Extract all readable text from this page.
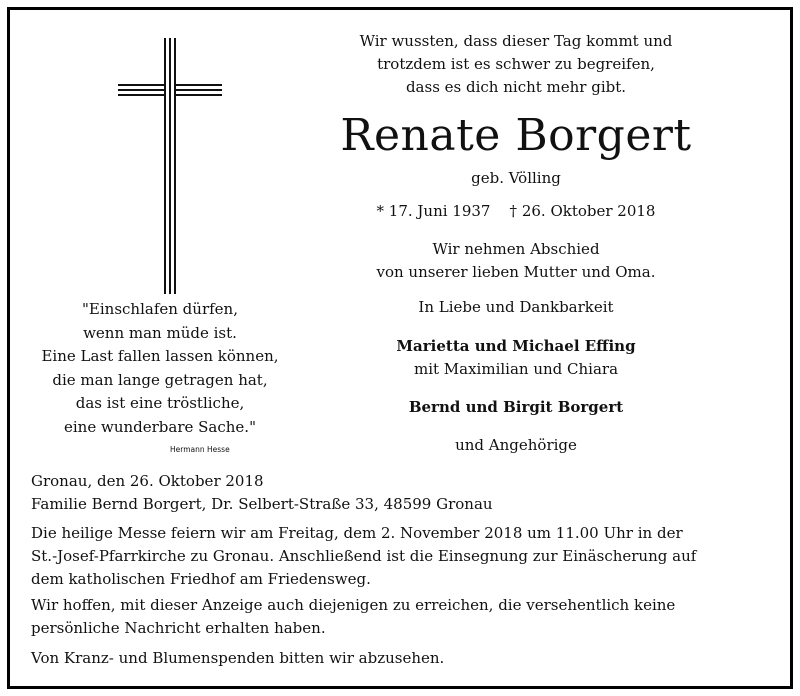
"Einschlafen dürfen,
wenn man müde ist.
Eine Last fallen lassen können,
die man lange getragen hat,
das ist eine tröstliche,
eine wunderbare Sache."
Hermann Hesse
Wir wussten, dass dieser Tag kommt und
trotzdem ist es schwer zu begreifen,
dass es dich nicht mehr gibt.
Renate Borgert
geb. Völling
* 17. Juni 1937    † 26. Oktober 2018
Wir nehmen Abschied
von unserer lieben Mutter und Oma.
In Liebe und Dankbarkeit
Marietta und Michael Effing
mit Maximilian und Chiara
Bernd und Birgit Borgert
und Angehörige
Gronau, den 26. Oktober 2018
Familie Bernd Borgert, Dr. Selbert-Straße 33, 48599 Gronau
Die heilige Messe feiern wir am Freitag, dem 2. November 2018 um 11.00 Uhr in der
St.-Josef-Pfarrkirche zu Gronau. Anschließend ist die Einsegnung zur Einäscherung auf
dem katholischen Friedhof am Friedensweg.
Wir hoffen, mit dieser Anzeige auch diejenigen zu erreichen, die versehentlich keine
persönliche Nachricht erhalten haben.
Von Kranz- und Blumenspenden bitten wir abzusehen.
